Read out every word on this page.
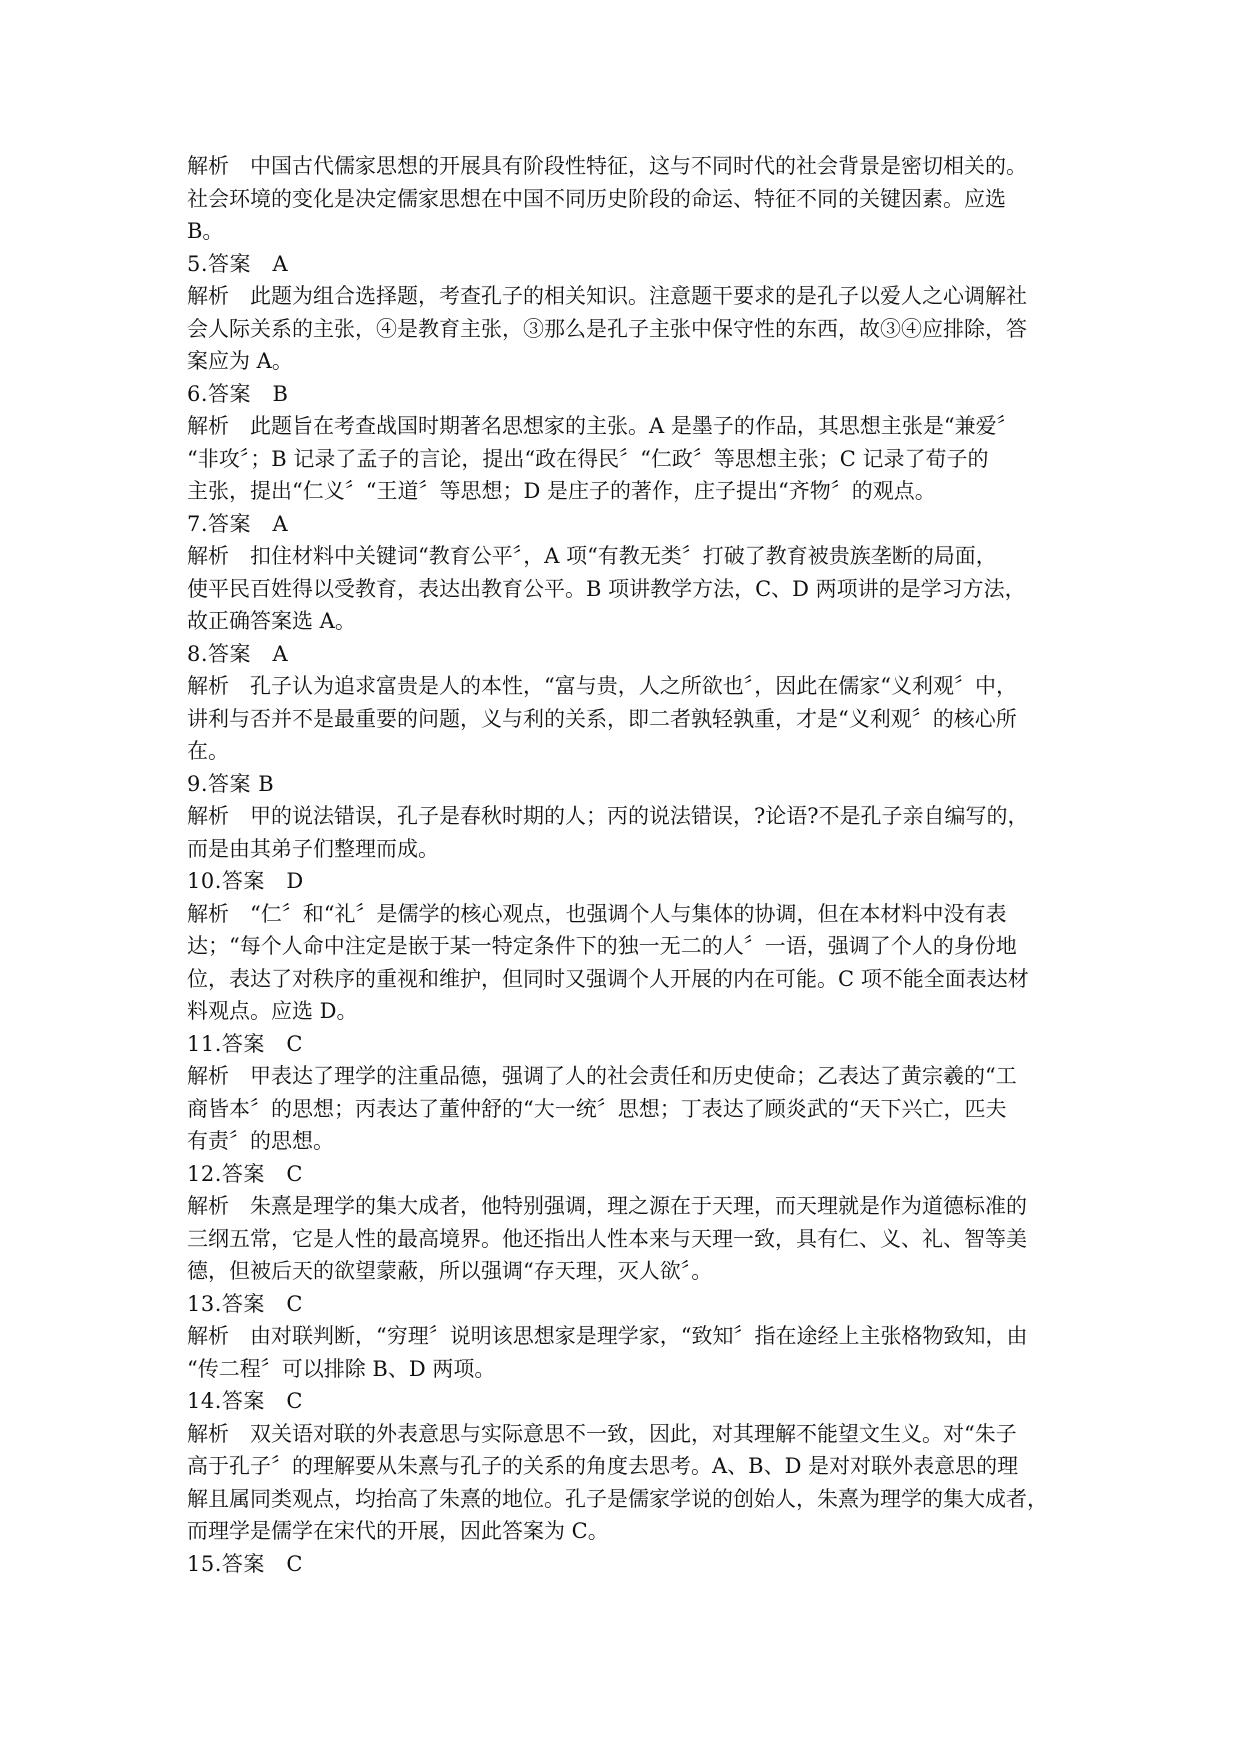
解析　中国古代儒家思想的开展具有阶段性特征，这与不同时代的社会背景是密切相关的。
社会环境的变化是决定儒家思想在中国不同历史阶段的命运、特征不同的关键因素。应选
B。
5.答案　A
解析　此题为组合选择题，考查孔子的相关知识。注意题干要求的是孔子以爱人之心调解社
会人际关系的主张，④是教育主张，③那么是孔子主张中保守性的东西，故③④应排除，答
案应为 A。
6.答案　B
解析　此题旨在考查战国时期著名思想家的主张。A 是墨子的作品，其思想主张是“兼爱〞
“非攻〞；B 记录了孟子的言论，提出“政在得民〞“仁政〞等思想主张；C 记录了荀子的
主张，提出“仁义〞“王道〞等思想；D 是庄子的著作，庄子提出“齐物〞的观点。
7.答案　A
解析　扣住材料中关键词“教育公平〞，A 项“有教无类〞打破了教育被贵族垄断的局面，
使平民百姓得以受教育，表达出教育公平。B 项讲教学方法，C、D 两项讲的是学习方法，
故正确答案选 A。
8.答案　A
解析　孔子认为追求富贵是人的本性，“富与贵，人之所欲也〞，因此在儒家“义利观〞中，
讲利与否并不是最重要的问题，义与利的关系，即二者孰轻孰重，才是“义利观〞的核心所
在。
9.答案 B
解析　甲的说法错误，孔子是春秋时期的人；丙的说法错误，?论语?不是孔子亲自编写的，
而是由其弟子们整理而成。
10.答案　D
解析　“仁〞和“礼〞是儒学的核心观点，也强调个人与集体的协调，但在本材料中没有表
达；“每个人命中注定是嵌于某一特定条件下的独一无二的人〞一语，强调了个人的身份地
位，表达了对秩序的重视和维护，但同时又强调个人开展的内在可能。C 项不能全面表达材
料观点。应选 D。
11.答案　C
解析　甲表达了理学的注重品德，强调了人的社会责任和历史使命；乙表达了黄宗羲的“工
商皆本〞的思想；丙表达了董仲舒的“大一统〞思想；丁表达了顾炎武的“天下兴亡，匹夫
有责〞的思想。
12.答案　C
解析　朱熹是理学的集大成者，他特别强调，理之源在于天理，而天理就是作为道德标准的
三纲五常，它是人性的最高境界。他还指出人性本来与天理一致，具有仁、义、礼、智等美
德，但被后天的欲望蒙蔽，所以强调“存天理，灭人欲〞。
13.答案　C
解析　由对联判断，“穷理〞说明该思想家是理学家，“致知〞指在途经上主张格物致知，由
“传二程〞可以排除 B、D 两项。
14.答案　C
解析　双关语对联的外表意思与实际意思不一致，因此，对其理解不能望文生义。对“朱子
高于孔子〞的理解要从朱熹与孔子的关系的角度去思考。A、B、D 是对对联外表意思的理
解且属同类观点，均抬高了朱熹的地位。孔子是儒家学说的创始人，朱熹为理学的集大成者，
而理学是儒学在宋代的开展，因此答案为 C。
15.答案　C
